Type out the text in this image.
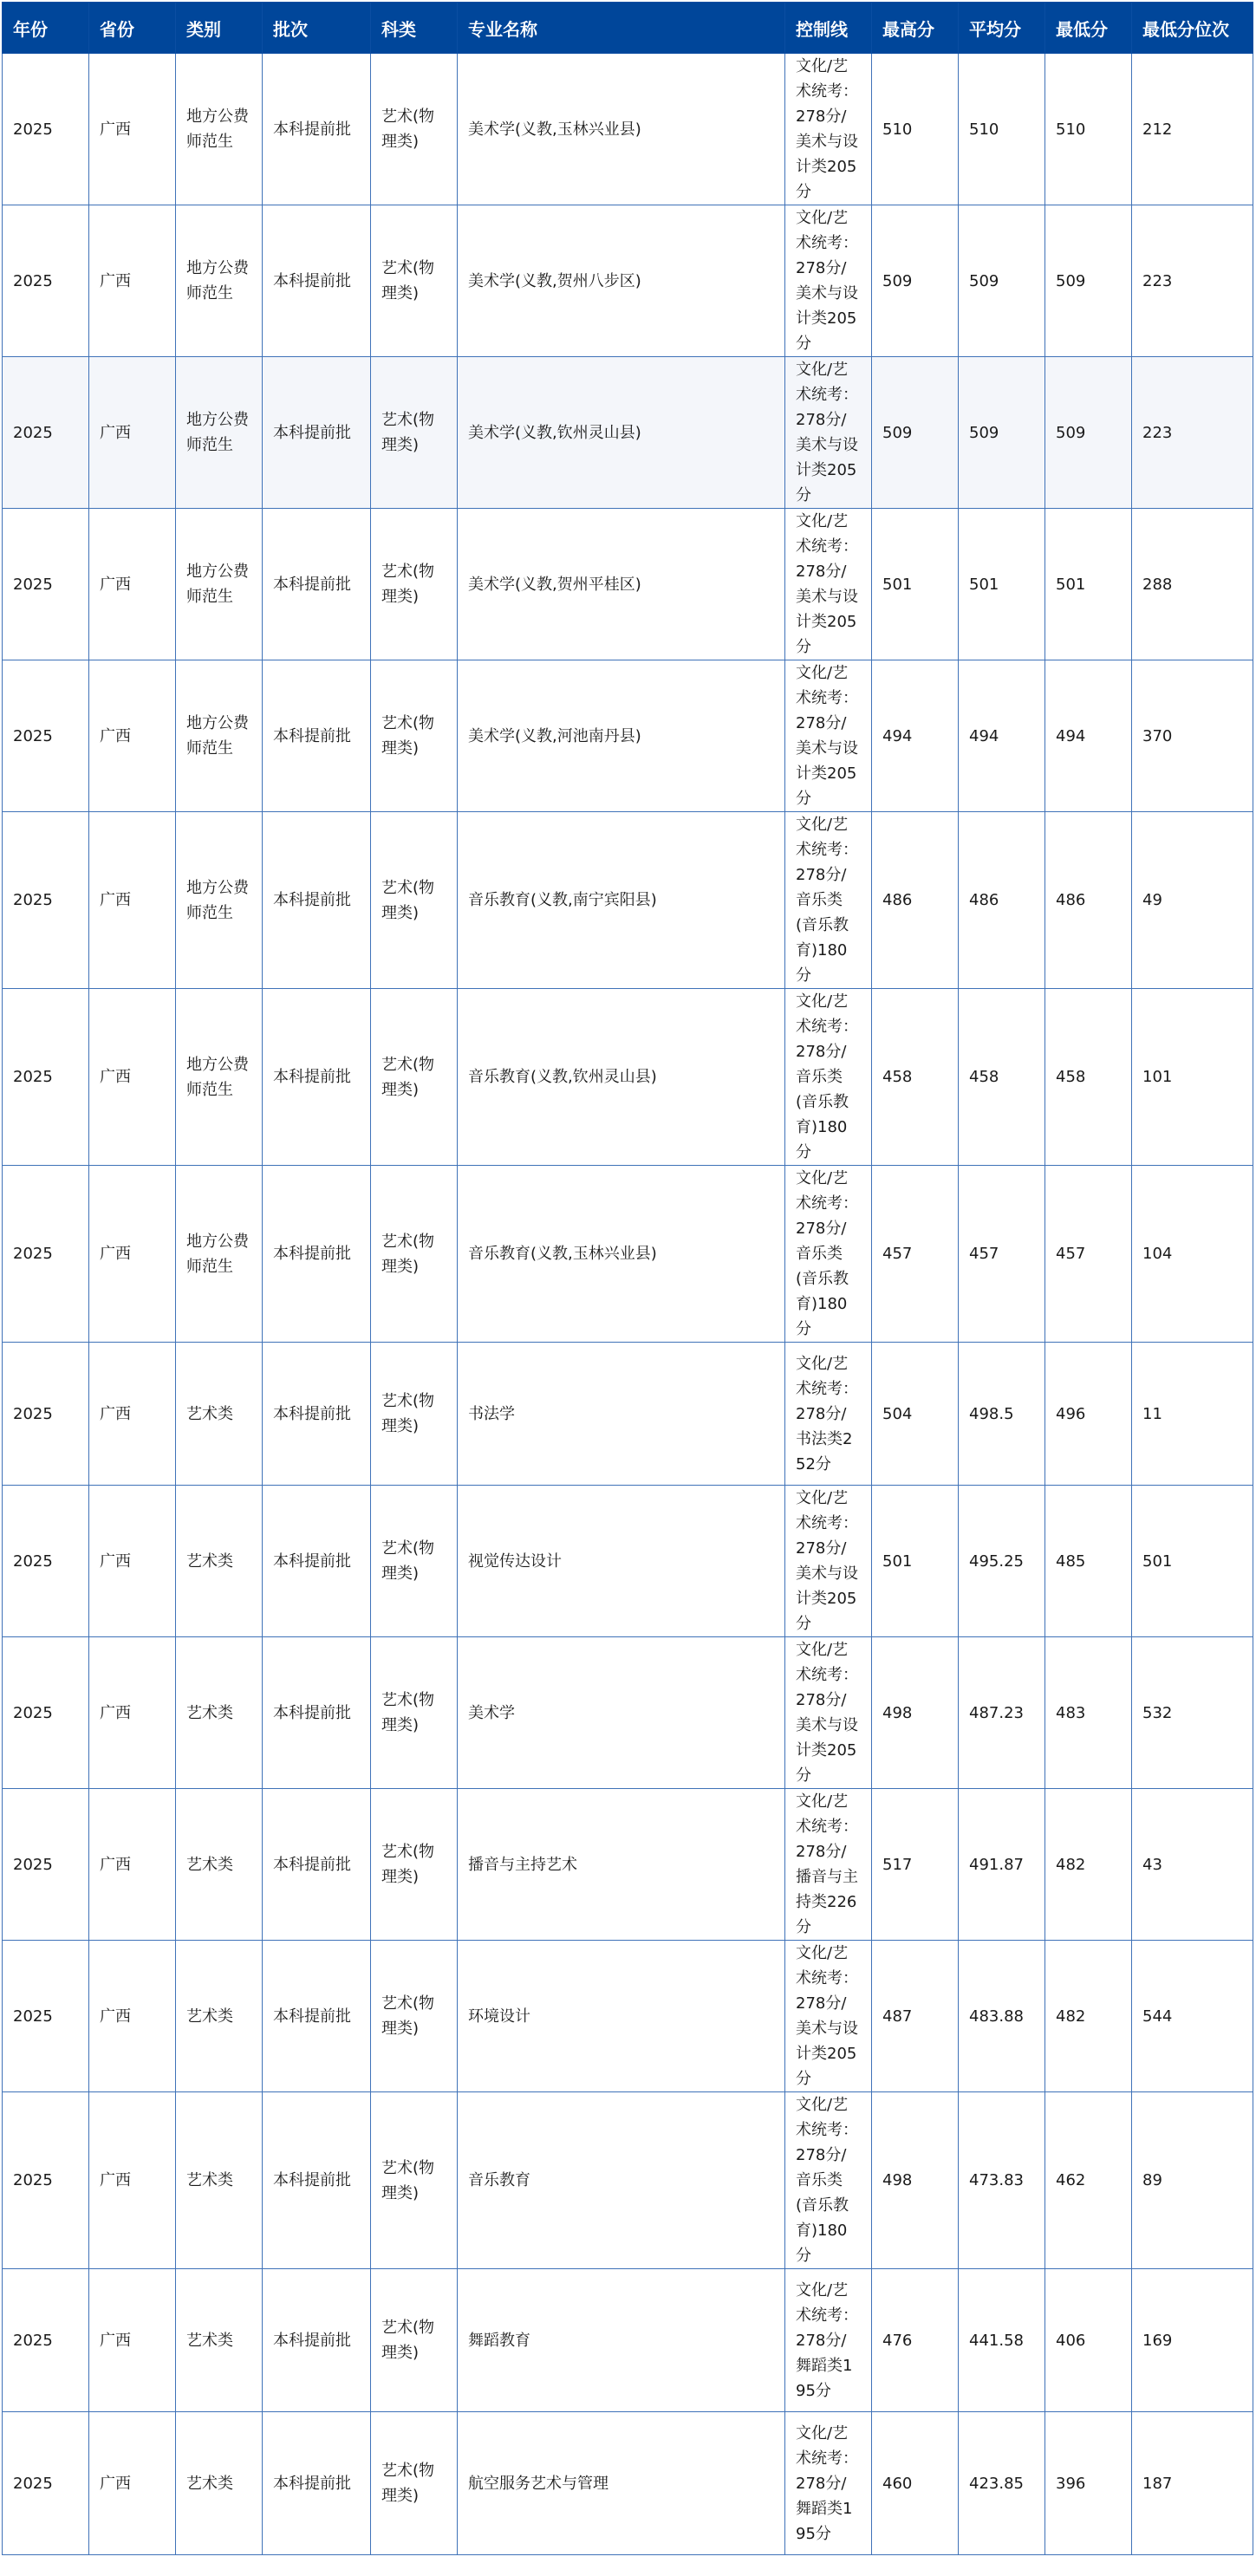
年份	省份	类别	批次	科类	专业名称	控制线	最高分	平均分	最低分	最低分位次
2025	广西	地方公费师范生	本科提前批	艺术(物理类)	美术学(义教,玉林兴业县)	文化/艺术统考：278分/美术与设计类205分	510	510	510	212
2025	广西	地方公费师范生	本科提前批	艺术(物理类)	美术学(义教,贺州八步区)	文化/艺术统考：278分/美术与设计类205分	509	509	509	223
2025	广西	地方公费师范生	本科提前批	艺术(物理类)	美术学(义教,钦州灵山县)	文化/艺术统考：278分/美术与设计类205分	509	509	509	223
2025	广西	地方公费师范生	本科提前批	艺术(物理类)	美术学(义教,贺州平桂区)	文化/艺术统考：278分/美术与设计类205分	501	501	501	288
2025	广西	地方公费师范生	本科提前批	艺术(物理类)	美术学(义教,河池南丹县)	文化/艺术统考：278分/美术与设计类205分	494	494	494	370
2025	广西	地方公费师范生	本科提前批	艺术(物理类)	音乐教育(义教,南宁宾阳县)	文化/艺术统考：278分/音乐类(音乐教育)180分	486	486	486	49
2025	广西	地方公费师范生	本科提前批	艺术(物理类)	音乐教育(义教,钦州灵山县)	文化/艺术统考：278分/音乐类(音乐教育)180分	458	458	458	101
2025	广西	地方公费师范生	本科提前批	艺术(物理类)	音乐教育(义教,玉林兴业县)	文化/艺术统考：278分/音乐类(音乐教育)180分	457	457	457	104
2025	广西	艺术类	本科提前批	艺术(物理类)	书法学	文化/艺术统考：278分/书法类252分	504	498.5	496	11
2025	广西	艺术类	本科提前批	艺术(物理类)	视觉传达设计	文化/艺术统考：278分/美术与设计类205分	501	495.25	485	501
2025	广西	艺术类	本科提前批	艺术(物理类)	美术学	文化/艺术统考：278分/美术与设计类205分	498	487.23	483	532
2025	广西	艺术类	本科提前批	艺术(物理类)	播音与主持艺术	文化/艺术统考：278分/播音与主持类226分	517	491.87	482	43
2025	广西	艺术类	本科提前批	艺术(物理类)	环境设计	文化/艺术统考：278分/美术与设计类205分	487	483.88	482	544
2025	广西	艺术类	本科提前批	艺术(物理类)	音乐教育	文化/艺术统考：278分/音乐类(音乐教育)180分	498	473.83	462	89
2025	广西	艺术类	本科提前批	艺术(物理类)	舞蹈教育	文化/艺术统考：278分/舞蹈类195分	476	441.58	406	169
2025	广西	艺术类	本科提前批	艺术(物理类)	航空服务艺术与管理	文化/艺术统考：278分/舞蹈类195分	460	423.85	396	187
